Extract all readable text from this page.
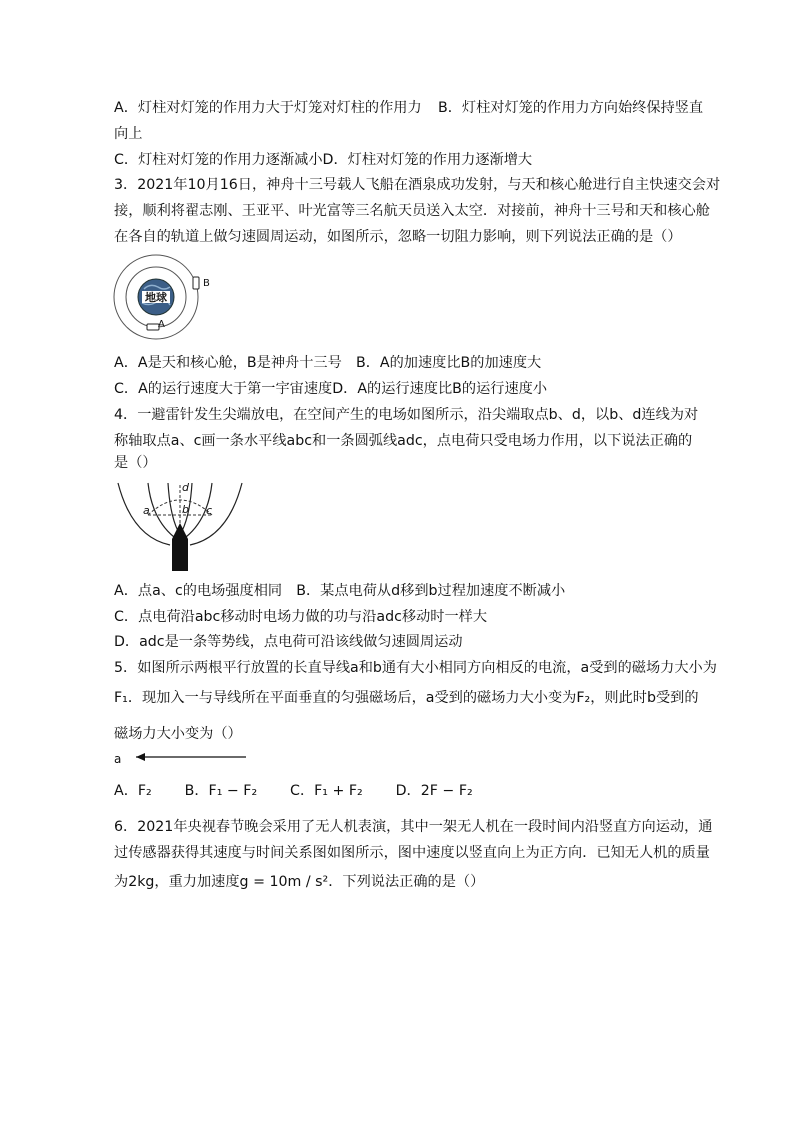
A．灯柱对灯笼的作用力大于灯笼对灯柱的作用力 B．灯柱对灯笼的作用力方向始终保持竖直
向上
C．灯柱对灯笼的作用力逐渐减小D．灯柱对灯笼的作用力逐渐增大
3．2021年10月16日，神舟十三号载人飞船在酒泉成功发射，与天和核心舱进行自主快速交会对
接，顺利将翟志刚、王亚平、叶光富等三名航天员送入太空．对接前，神舟十三号和天和核心舱
在各自的轨道上做匀速圆周运动，如图所示，忽略一切阻力影响，则下列说法正确的是（）
地球
B
A
A．A是天和核心舱，B是神舟十三号　B．A的加速度比B的加速度大
C．A的运行速度大于第一宇宙速度D．A的运行速度比B的运行速度小
4．一避雷针发生尖端放电，在空间产生的电场如图所示，沿尖端取点b、d，以b、d连线为对
称轴取点a、c画一条水平线abc和一条圆弧线adc，点电荷只受电场力作用，以下说法正确的
是（）
a	b c
d
A．点a、c的电场强度相同　B．某点电荷从d移到b过程加速度不断减小
C．点电荷沿abc移动时电场力做的功与沿adc移动时一样大
D．adc是一条等势线，点电荷可沿该线做匀速圆周运动
5．如图所示两根平行放置的长直导线a和b通有大小相同方向相反的电流，a受到的磁场力大小为
F₁．现加入一与导线所在平面垂直的匀强磁场后，a受到的磁场力大小变为F₂，则此时b受到的
磁场力大小变为（）
a
A．F₂　　 B．F₁ − F₂　　 C．F₁ + F₂　　 D．2F − F₂
6．2021年央视春节晚会采用了无人机表演，其中一架无人机在一段时间内沿竖直方向运动，通
过传感器获得其速度与时间关系图如图所示，图中速度以竖直向上为正方向．已知无人机的质量
为2kg，重力加速度g = 10m / s²．下列说法正确的是（）
